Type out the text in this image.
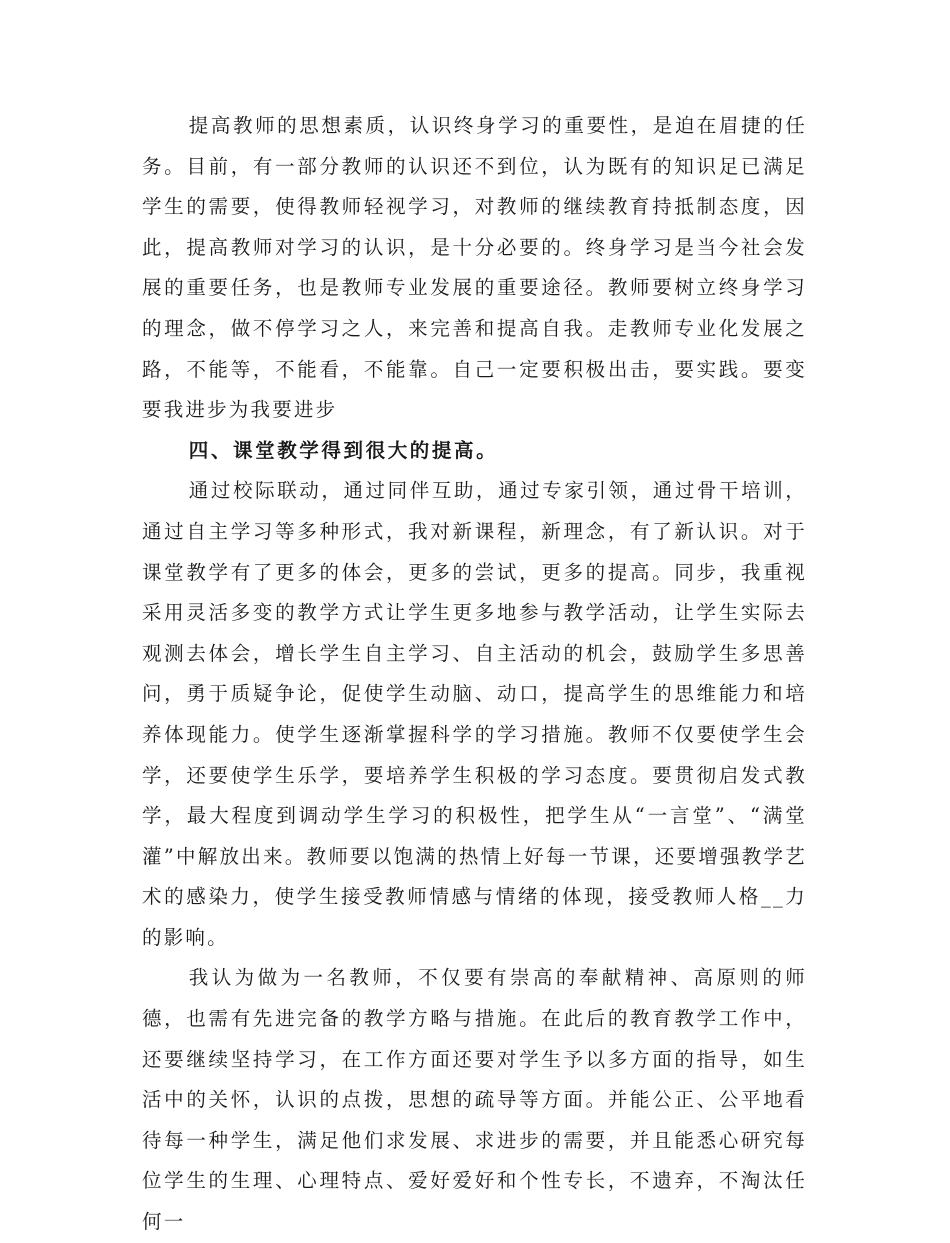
提高教师的思想素质，认识终身学习的重要性，是迫在眉捷的任务。目前，有一部分教师的认识还不到位，认为既有的知识足已满足学生的需要，使得教师轻视学习，对教师的继续教育持抵制态度，因此，提高教师对学习的认识，是十分必要的。终身学习是当今社会发展的重要任务，也是教师专业发展的重要途径。教师要树立终身学习的理念，做不停学习之人，来完善和提高自我。走教师专业化发展之路，不能等，不能看，不能靠。自己一定要积极出击，要实践。要变要我进步为我要进步

四、课堂教学得到很大的提高。

通过校际联动，通过同伴互助，通过专家引领，通过骨干培训，通过自主学习等多种形式，我对新课程，新理念，有了新认识。对于课堂教学有了更多的体会，更多的尝试，更多的提高。同步，我重视采用灵活多变的教学方式让学生更多地参与教学活动，让学生实际去观测去体会，增长学生自主学习、自主活动的机会，鼓励学生多思善问，勇于质疑争论，促使学生动脑、动口，提高学生的思维能力和培养体现能力。使学生逐渐掌握科学的学习措施。教师不仅要使学生会学，还要使学生乐学，要培养学生积极的学习态度。要贯彻启发式教学，最大程度到调动学生学习的积极性，把学生从“一言堂”、“满堂灌”中解放出来。教师要以饱满的热情上好每一节课，还要增强教学艺术的感染力，使学生接受教师情感与情绪的体现，接受教师人格__力的影响。

我认为做为一名教师，不仅要有崇高的奉献精神、高原则的师德，也需有先进完备的教学方略与措施。在此后的教育教学工作中，还要继续坚持学习，在工作方面还要对学生予以多方面的指导，如生活中的关怀，认识的点拨，思想的疏导等方面。并能公正、公平地看待每一种学生，满足他们求发展、求进步的需要，并且能悉心研究每位学生的生理、心理特点、爱好爱好和个性专长，不遗弃，不淘汰任何一
